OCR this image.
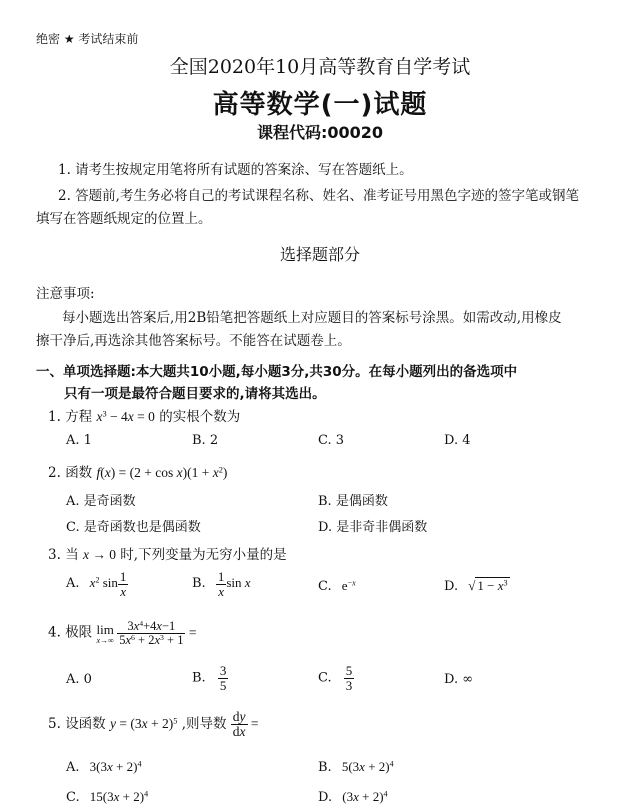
绝密 ★ 考试结束前
全国2020年10月高等教育自学考试
高等数学(一)试题
课程代码:00020
1. 请考生按规定用笔将所有试题的答案涂、写在答题纸上。
2. 答题前,考生务必将自己的考试课程名称、姓名、准考证号用黑色字迹的签字笔或钢笔
填写在答题纸规定的位置上。
选择题部分
注意事项:
每小题选出答案后,用2B铅笔把答题纸上对应题目的答案标号涂黑。如需改动,用橡皮
擦干净后,再选涂其他答案标号。不能答在试题卷上。
一、单项选择题:本大题共10小题,每小题3分,共30分。在每小题列出的备选项中
只有一项是最符合题目要求的,请将其选出。
1. 方程 $x^3 - 4x = 0$ 的实根个数为
A. 1	B. 2	C. 3	D. 4
2. 函数 $f(x) = (2 + \cos x)(1 + x^2)$
A. 是奇函数	B. 是偶函数
C. 是奇函数也是偶函数	D. 是非奇非偶函数
3. 当 x → 0 时,下列变量为无穷小量的是
A. $x^2$ $\sin \frac{1}{x}$	B. $\frac{1}{x}$ sin x	C. $e^{-x}$	D. √ $1 - x^3$
4. 极限 lim
x→∞
$\frac{3x^4+4x-1}{5x^6 + 2x^3 + 1}$ =
A. 0	B. $\frac{3}{5}$	C. $\frac{5}{3}$	D. ∞
5. 设函数 $y = (3x + 2)^5$ ,则导数 $\frac{dy}{dx}$ =
A. $3(3x + 2)^4$	B. $5(3x + 2)^4$
C. $15(3x + 2)^4$	D. $(3x + 2)^4$
